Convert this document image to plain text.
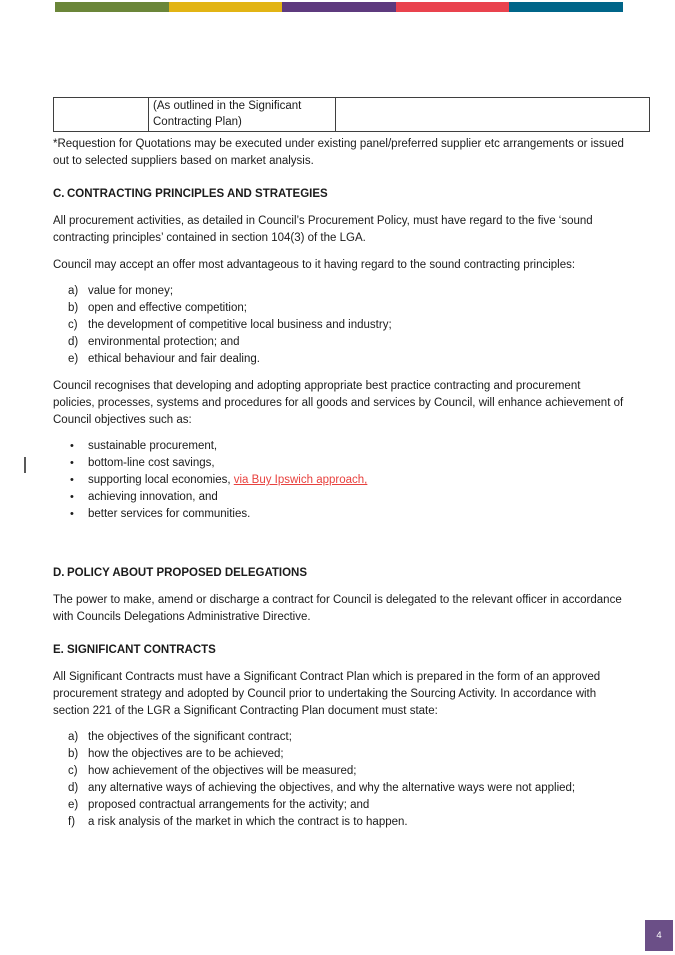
	(As outlined in the Significant Contracting Plan)	
*Requestion for Quotations may be executed under existing panel/preferred supplier etc arrangements or issued out to selected suppliers based on market analysis.
C. CONTRACTING PRINCIPLES AND STRATEGIES
All procurement activities, as detailed in Council’s Procurement Policy, must have regard to the five ‘sound contracting principles’ contained in section 104(3) of the LGA.
Council may accept an offer most advantageous to it having regard to the sound contracting principles:
a) value for money;
b) open and effective competition;
c) the development of competitive local business and industry;
d) environmental protection; and
e) ethical behaviour and fair dealing.
Council recognises that developing and adopting appropriate best practice contracting and procurement policies, processes, systems and procedures for all goods and services by Council, will enhance achievement of Council objectives such as:
• sustainable procurement,
• bottom-line cost savings,
• supporting local economies, via Buy Ipswich approach,
• achieving innovation, and
• better services for communities.
D. POLICY ABOUT PROPOSED DELEGATIONS
The power to make, amend or discharge a contract for Council is delegated to the relevant officer in accordance with Councils Delegations Administrative Directive.
E. SIGNIFICANT CONTRACTS
All Significant Contracts must have a Significant Contract Plan which is prepared in the form of an approved procurement strategy and adopted by Council prior to undertaking the Sourcing Activity. In accordance with section 221 of the LGR a Significant Contracting Plan document must state:
a) the objectives of the significant contract;
b) how the objectives are to be achieved;
c) how achievement of the objectives will be measured;
d) any alternative ways of achieving the objectives, and why the alternative ways were not applied;
e) proposed contractual arrangements for the activity; and
f) a risk analysis of the market in which the contract is to happen.
4
